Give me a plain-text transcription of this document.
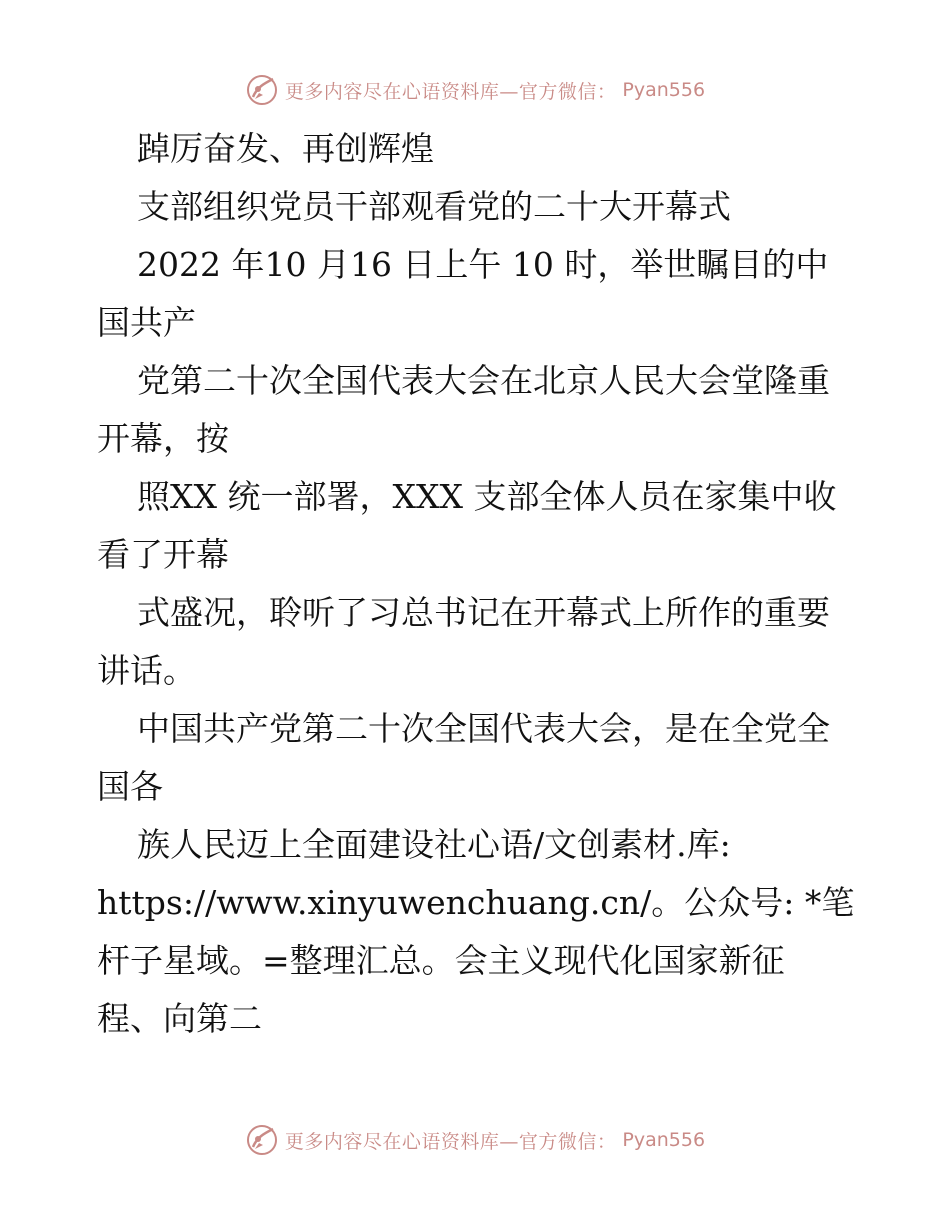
更多内容尽在心语资料库—官方微信： Pyan556
踔厉奋发、再创辉煌
支部组织党员干部观看党的二十大开幕式
2022 年10 月16 日上午 10 时，举世瞩目的中
国共产
党第二十次全国代表大会在北京人民大会堂隆重
开幕，按
照XX 统一部署，XXX 支部全体人员在家集中收
看了开幕
式盛况，聆听了习总书记在开幕式上所作的重要
讲话。
中国共产党第二十次全国代表大会，是在全党全
国各
族人民迈上全面建设社心语/文创素材.库:
https://www.xinyuwenchuang.cn/。公众号: *笔
杆子星域。=整理汇总。会主义现代化国家新征
程、向第二
更多内容尽在心语资料库—官方微信： Pyan556
